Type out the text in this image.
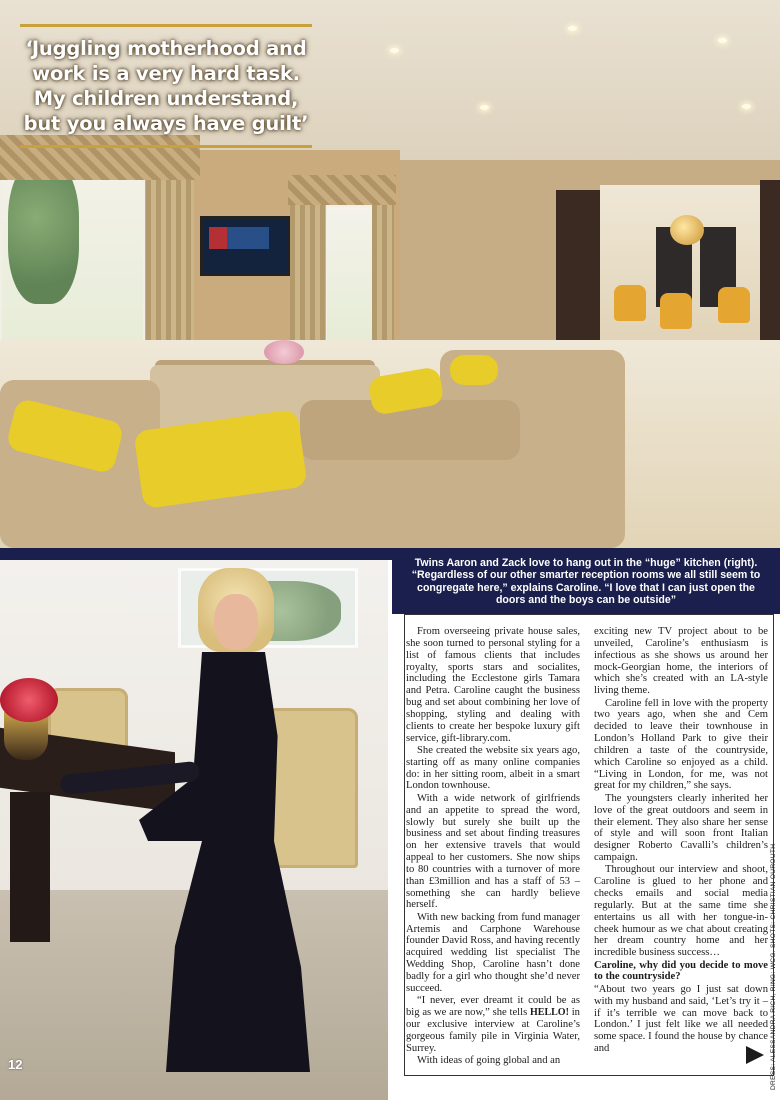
‘Juggling motherhood and work is a very hard task. My children understand, but you always have guilt’
Twins Aaron and Zack love to hang out in the “huge” kitchen (right). “Regardless of our other smarter reception rooms we all still seem to congregate here,” explains Caroline. “I love that I can just open the doors and the boys can be outside”
12

From overseeing private house sales, she soon turned to personal styling for a list of famous clients that includes royalty, sports stars and socialites, including the Ecclestone girls Tamara and Petra. Caroline caught the business bug and set about combining her love of shopping, styling and dealing with clients to create her bespoke luxury gift service, gift-library.com.

She created the website six years ago, starting off as many online companies do: in her sitting room, albeit in a smart London townhouse.

With a wide network of girlfriends and an appetite to spread the word, slowly but surely she built up the business and set about finding treasures on her extensive travels that would appeal to her customers. She now ships to 80 countries with a turnover of more than £3million and has a staff of 53 – something she can hardly believe herself.

With new backing from fund manager Artemis and Carphone Warehouse founder David Ross, and having recently acquired wedding list specialist The Wedding Shop, Caroline hasn’t done badly for a girl who thought she’d never succeed.

“I never, ever dreamt it could be as big as we are now,” she tells HELLO! in our exclusive interview at Caroline’s gorgeous family pile in Virginia Water, Surrey.

With ideas of going global and an

exciting new TV project about to be unveiled, Caroline’s enthusiasm is infectious as she shows us around her mock-Georgian home, the interiors of which she’s created with an LA-style living theme.

Caroline fell in love with the property two years ago, when she and Cem decided to leave their townhouse in London’s Holland Park to give their children a taste of the countryside, which Caroline so enjoyed as a child. “Living in London, for me, was not great for my children,” she says.

The youngsters clearly inherited her love of the great outdoors and seem in their element. They also share her sense of style and will soon front Italian designer Roberto Cavalli’s children’s campaign.

Throughout our interview and shoot, Caroline is glued to her phone and checks emails and social media regularly. But at the same time she entertains us all with her tongue-in-cheek humour as we chat about creating her dream country home and her incredible business success…

Caroline, why did you decide to move to the countryside?

“About two years go I just sat down with my husband and said, ‘Let’s try it – if it’s terrible we can move back to London.’ I just felt like we all needed some space. I found the house by chance and	DRESS: ALESSANDRA RICH, RING: WCG. SHOTS: CHRISTIAN OUROUTH
